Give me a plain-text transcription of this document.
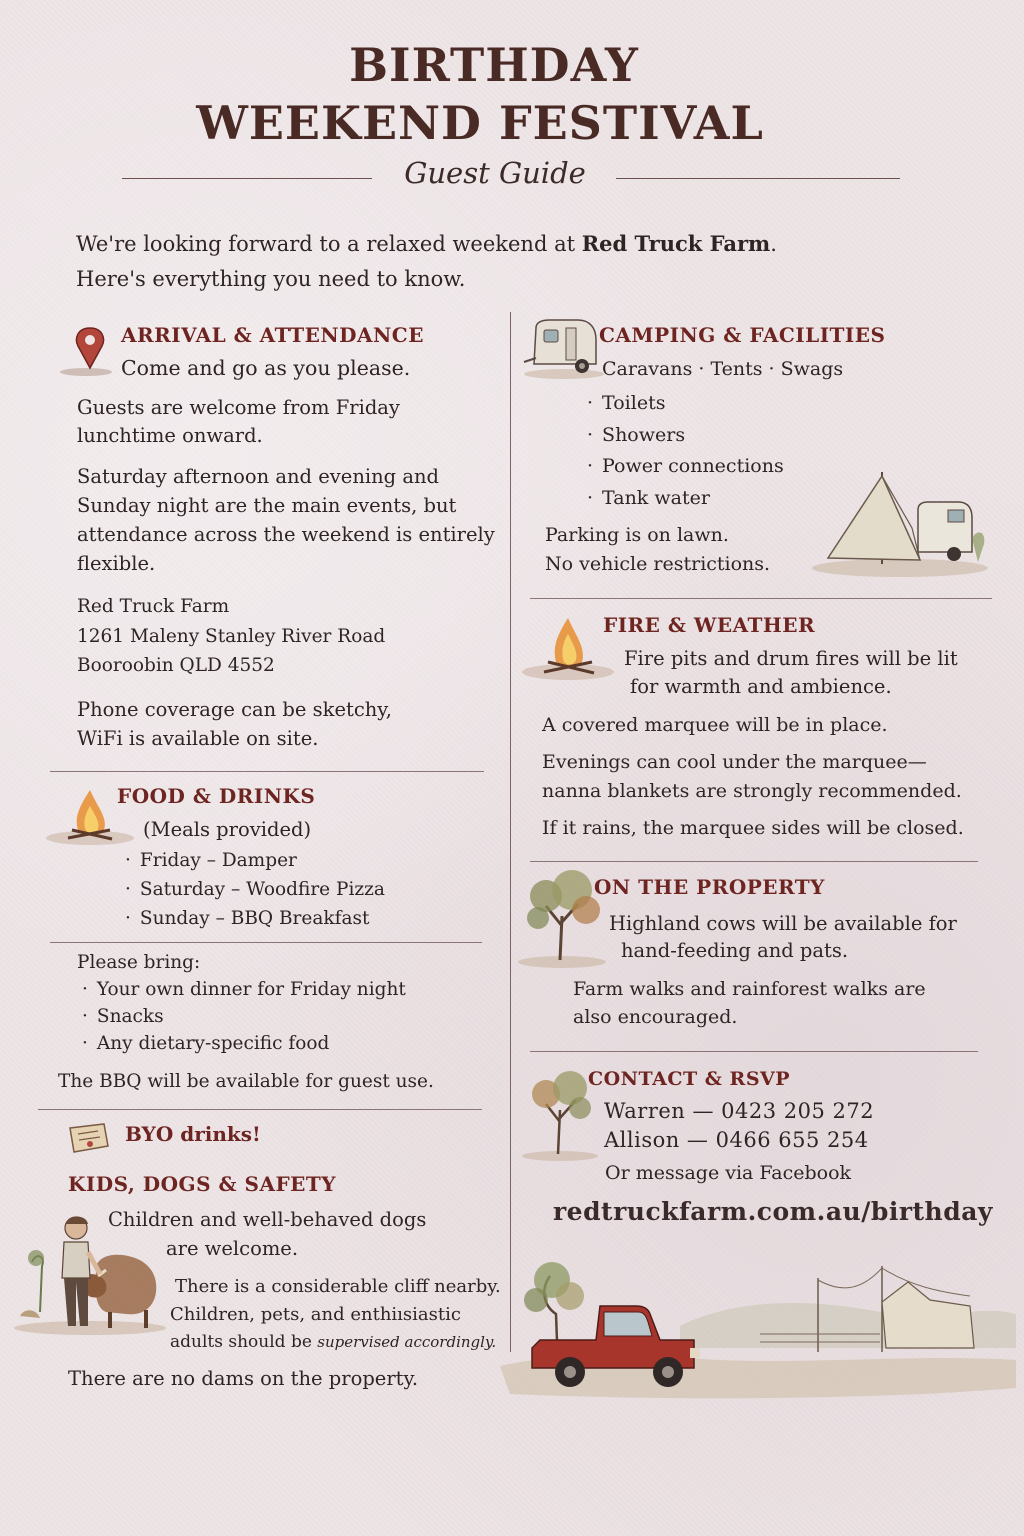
BIRTHDAY
WEEKEND FESTIVAL
Guest Guide
We're looking forward to a relaxed weekend at Red Truck Farm.
Here's everything you need to know.
ARRIVAL & ATTENDANCE
Come and go as you please.
Guests are welcome from Friday
lunchtime onward.
Saturday afternoon and evening and
Sunday night are the main events, but
attendance across the weekend is entirely
flexible.
Red Truck Farm
1261 Maleny Stanley River Road
Booroobin QLD 4552
Phone coverage can be sketchy,
WiFi is available on site.
FOOD & DRINKS
(Meals provided)
· Friday – Damper
· Saturday – Woodfire Pizza
· Sunday – BBQ Breakfast
Please bring:
· Your own dinner for Friday night
· Snacks
· Any dietary-specific food
The BBQ will be available for guest use.
BYO drinks!
KIDS, DOGS & SAFETY
Children and well-behaved dogs
are welcome.
There is a considerable cliff nearby.
Children, pets, and enthiısiastic
adults should be supervised accordingly.
There are no dams on the property.
CAMPING & FACILITIES
Caravans · Tents · Swags
· Toilets
· Showers
· Power connections
· Tank water
Parking is on lawn.
No vehicle restrictions.
FIRE & WEATHER
Fire pits and drum fires will be lit
for warmth and ambience.
A covered marquee will be in place.
Evenings can cool under the marquee—
nanna blankets are strongly recommended.
If it rains, the marquee sides will be closed.
ON THE PROPERTY
Highland cows will be available for
hand-feeding and pats.
Farm walks and rainforest walks are
also encouraged.
CONTACT & RSVP
Warren — 0423 205 272
Allison — 0466 655 254
Or message via Facebook
redtruckfarm.com.au/birthday
